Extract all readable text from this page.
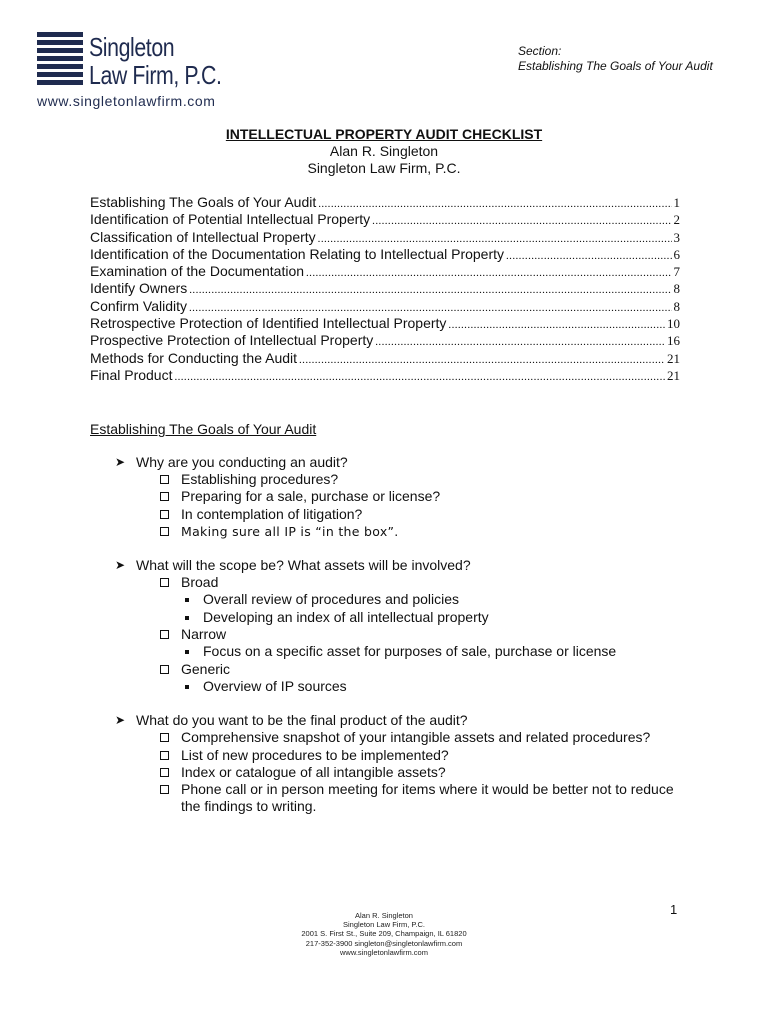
Singleton
Law Firm, P.C.
www.singletonlawfirm.com
Section:
Establishing The Goals of Your Audit
INTELLECTUAL PROPERTY AUDIT CHECKLIST
Alan R. Singleton
Singleton Law Firm, P.C.
Establishing The Goals of Your Audit .....	1
Identification of Potential Intellectual Property .....	2
Classification of Intellectual Property .....	3
Identification of the Documentation Relating to Intellectual Property .....	6
Examination of the Documentation .....	7
Identify Owners .....	8
Confirm Validity .....	8
Retrospective Protection of Identified Intellectual Property .....	10
Prospective Protection of Intellectual Property .....	16
Methods for Conducting the Audit .....	21
Final Product .....	21
Establishing The Goals of Your Audit
➤ Why are you conducting an audit?
Establishing procedures?
Preparing for a sale, purchase or license?
In contemplation of litigation?
Making sure all IP is “in the box”.
➤ What will the scope be? What assets will be involved?
Broad
Overall review of procedures and policies
Developing an index of all intellectual property
Narrow
Focus on a specific asset for purposes of sale, purchase or license
Generic
Overview of IP sources
➤ What do you want to be the final product of the audit?
Comprehensive snapshot of your intangible assets and related procedures?
List of new procedures to be implemented?
Index or catalogue of all intangible assets?
Phone call or in person meeting for items where it would be better not to reduce the findings to writing.
1
Alan R. Singleton
Singleton Law Firm, P.C.
2001 S. First St., Suite 209, Champaign, IL 61820
217-352-3900 singleton@singletonlawfirm.com
www.singletonlawfirm.com
